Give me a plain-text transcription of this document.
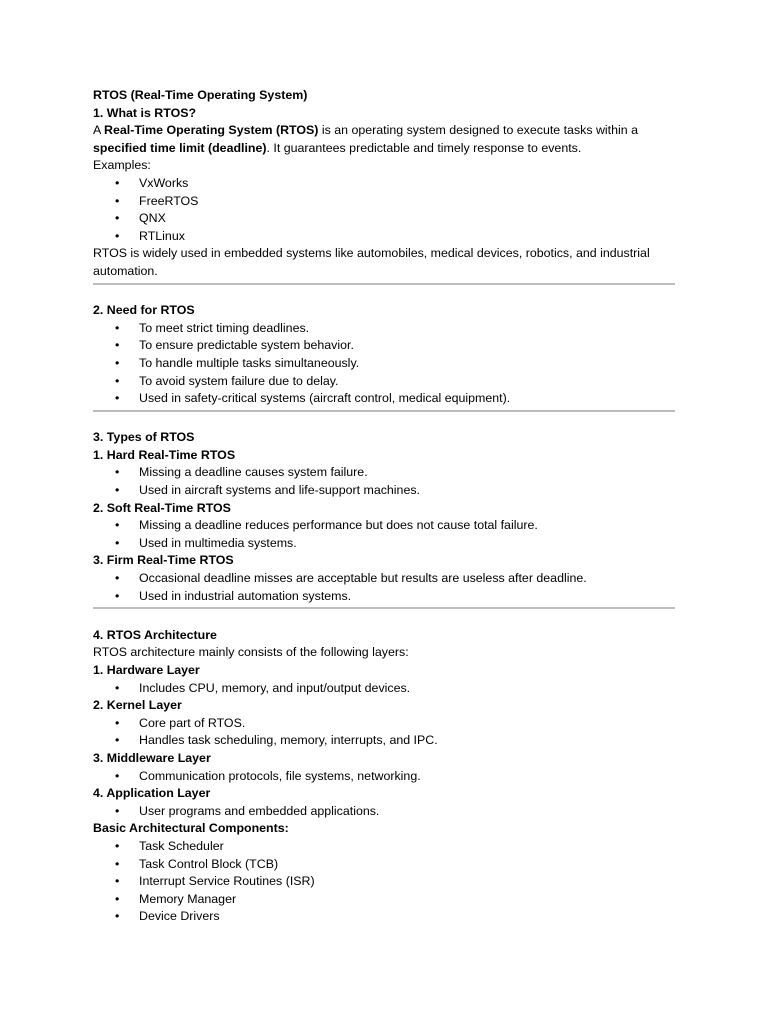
RTOS (Real-Time Operating System)
1. What is RTOS?
A Real-Time Operating System (RTOS) is an operating system designed to execute tasks within a specified time limit (deadline). It guarantees predictable and timely response to events.
Examples:
• VxWorks
• FreeRTOS
• QNX
• RTLinux
RTOS is widely used in embedded systems like automobiles, medical devices, robotics, and industrial automation.
2. Need for RTOS
• To meet strict timing deadlines.
• To ensure predictable system behavior.
• To handle multiple tasks simultaneously.
• To avoid system failure due to delay.
• Used in safety-critical systems (aircraft control, medical equipment).
3. Types of RTOS
1. Hard Real-Time RTOS
• Missing a deadline causes system failure.
• Used in aircraft systems and life-support machines.
2. Soft Real-Time RTOS
• Missing a deadline reduces performance but does not cause total failure.
• Used in multimedia systems.
3. Firm Real-Time RTOS
• Occasional deadline misses are acceptable but results are useless after deadline.
• Used in industrial automation systems.
4. RTOS Architecture
RTOS architecture mainly consists of the following layers:
1. Hardware Layer
• Includes CPU, memory, and input/output devices.
2. Kernel Layer
• Core part of RTOS.
• Handles task scheduling, memory, interrupts, and IPC.
3. Middleware Layer
• Communication protocols, file systems, networking.
4. Application Layer
• User programs and embedded applications.
Basic Architectural Components:
• Task Scheduler
• Task Control Block (TCB)
• Interrupt Service Routines (ISR)
• Memory Manager
• Device Drivers
